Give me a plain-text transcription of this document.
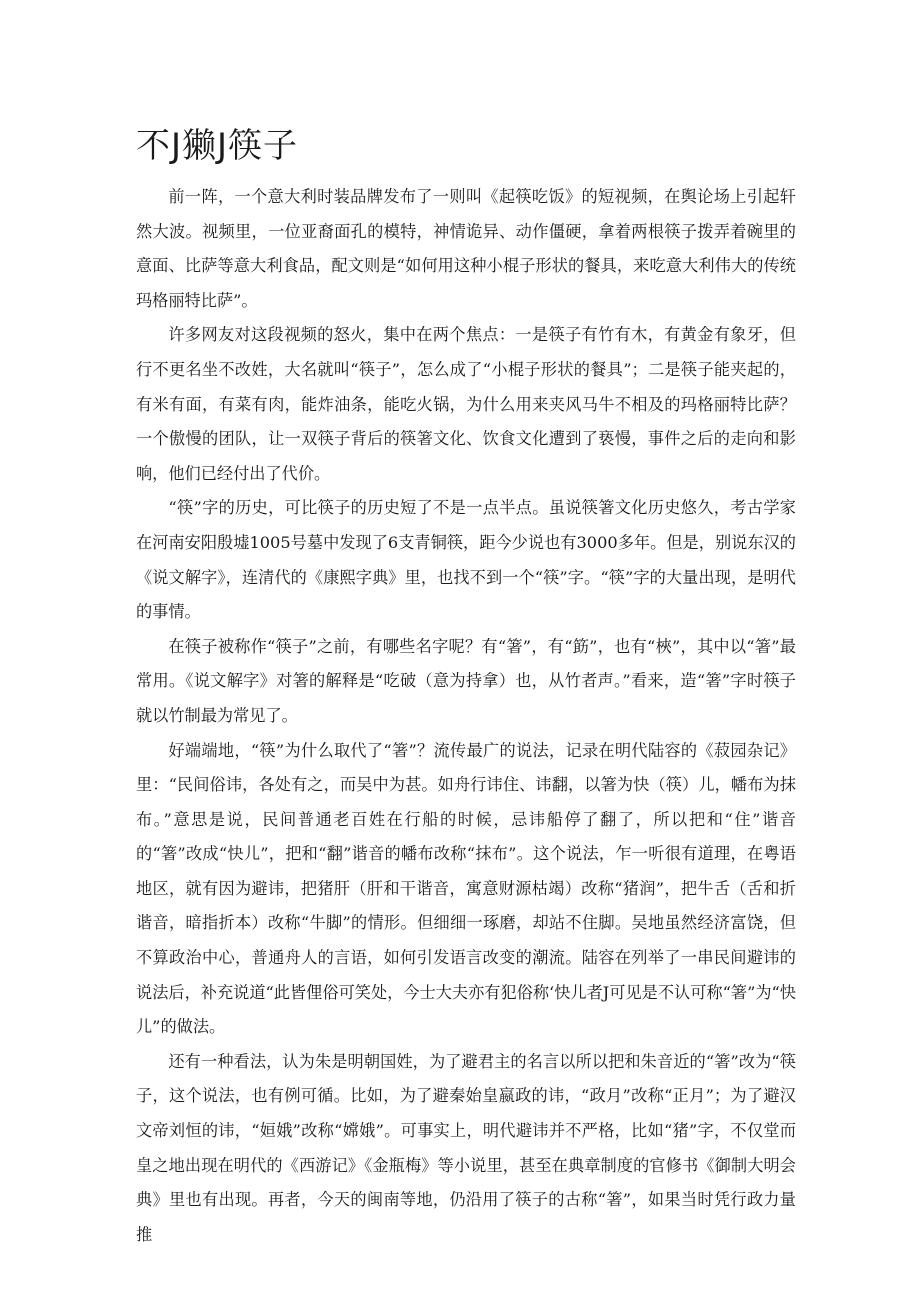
不J獭J筷子

前一阵，一个意大利时装品牌发布了一则叫《起筷吃饭》的短视频，在舆论场上引起轩然大波。视频里，一位亚裔面孔的模特，神情诡异、动作僵硬，拿着两根筷子拨弄着碗里的意面、比萨等意大利食品，配文则是“如何用这种小棍子形状的餐具，来吃意大利伟大的传统玛格丽特比萨”。

许多网友对这段视频的怒火，集中在两个焦点：一是筷子有竹有木，有黄金有象牙，但行不更名坐不改姓，大名就叫“筷子”，怎么成了“小棍子形状的餐具”；二是筷子能夹起的，有米有面，有菜有肉，能炸油条，能吃火锅，为什么用来夹风马牛不相及的玛格丽特比萨？一个傲慢的团队，让一双筷子背后的筷箸文化、饮食文化遭到了亵慢，事件之后的走向和影响，他们已经付出了代价。

“筷”字的历史，可比筷子的历史短了不是一点半点。虽说筷箸文化历史悠久，考古学家在河南安阳殷墟1005号墓中发现了6支青铜筷，距今少说也有3000多年。但是，别说东汉的《说文解字》，连清代的《康熙字典》里，也找不到一个“筷”字。“筷”字的大量出现，是明代的事情。

在筷子被称作“筷子”之前，有哪些名字呢？有“箸”，有“筯”，也有“梜”，其中以“箸”最常用。《说文解字》对箸的解释是“吃破（意为持拿）也，从竹者声。”看来，造“箸”字时筷子就以竹制最为常见了。

好端端地，“筷”为什么取代了“箸”？流传最广的说法，记录在明代陆容的《菽园杂记》里：“民间俗讳，各处有之，而吴中为甚。如舟行讳住、讳翻，以箸为快（筷）儿，幡布为抹布。”意思是说，民间普通老百姓在行船的时候，忌讳船停了翻了，所以把和“住”谐音的“箸”改成“快儿”，把和“翻”谐音的幡布改称“抹布”。这个说法，乍一听很有道理，在粤语地区，就有因为避讳，把猪肝（肝和干谐音，寓意财源枯竭）改称“猪润”，把牛舌（舌和折谐音，暗指折本）改称“牛脚”的情形。但细细一琢磨，却站不住脚。吴地虽然经济富饶，但不算政治中心，普通舟人的言语，如何引发语言改变的潮流。陆容在列举了一串民间避讳的说法后，补充说道“此皆俚俗可笑处，今士大夫亦有犯俗称‘快儿者J可见是不认可称“箸”为“快儿”的做法。

还有一种看法，认为朱是明朝国姓，为了避君主的名言以所以把和朱音近的“箸”改为“筷子，这个说法，也有例可循。比如，为了避秦始皇嬴政的讳，“政月”改称“正月”；为了避汉文帝刘恒的讳，“姮娥”改称“嫦娥”。可事实上，明代避讳并不严格，比如“猪”字，不仅堂而皇之地出现在明代的《西游记》《金瓶梅》等小说里，甚至在典章制度的官修书《御制大明会典》里也有出现。再者，今天的闽南等地，仍沿用了筷子的古称“箸”，如果当时凭行政力量推
